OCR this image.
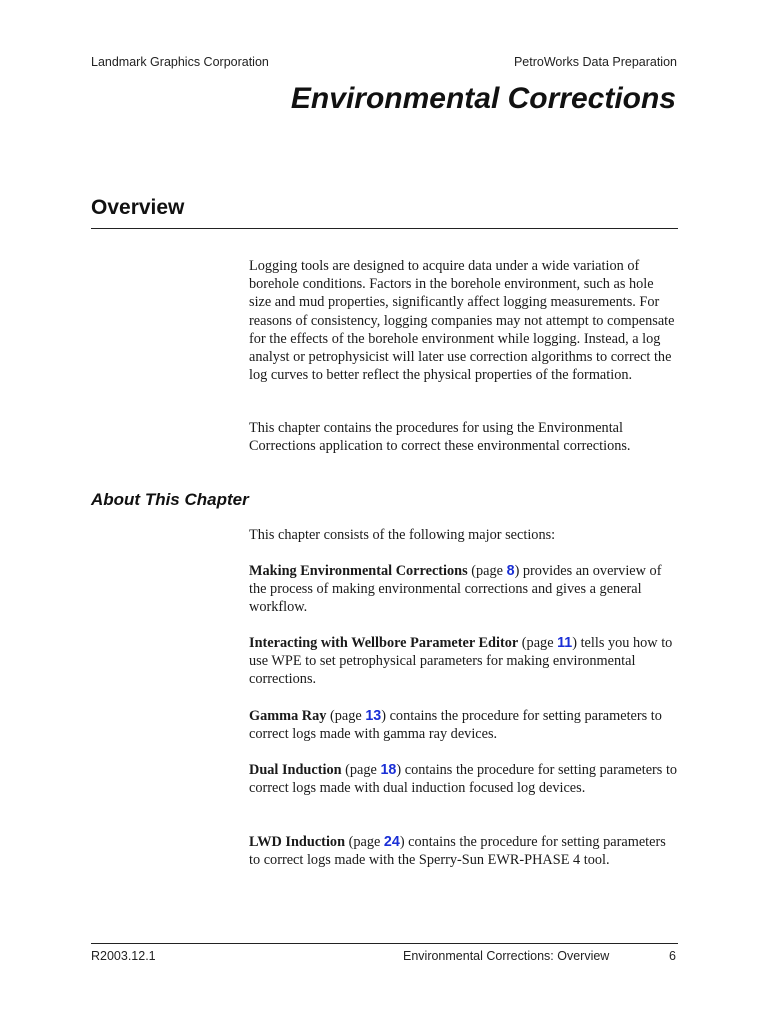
Landmark Graphics Corporation	PetroWorks Data Preparation
Environmental Corrections
Overview

Logging tools are designed to acquire data under a wide variation of borehole conditions. Factors in the borehole environment, such as hole size and mud properties, significantly affect logging measurements. For reasons of consistency, logging companies may not attempt to compensate for the effects of the borehole environment while logging. Instead, a log analyst or petrophysicist will later use correction algorithms to correct the log curves to better reflect the physical properties of the formation.

This chapter contains the procedures for using the Environmental Corrections application to correct these environmental corrections.

About This Chapter

This chapter consists of the following major sections:

Making Environmental Corrections (page 8) provides an overview of the process of making environmental corrections and gives a general workflow.

Interacting with Wellbore Parameter Editor (page 11) tells you how to use WPE to set petrophysical parameters for making environmental corrections.

Gamma Ray (page 13) contains the procedure for setting parameters to correct logs made with gamma ray devices.

Dual Induction (page 18) contains the procedure for setting parameters to correct logs made with dual induction focused log devices.

LWD Induction (page 24) contains the procedure for setting parameters to correct logs made with the Sperry-Sun EWR-PHASE 4 tool.

R2003.12.1	Environmental Corrections: Overview	6
